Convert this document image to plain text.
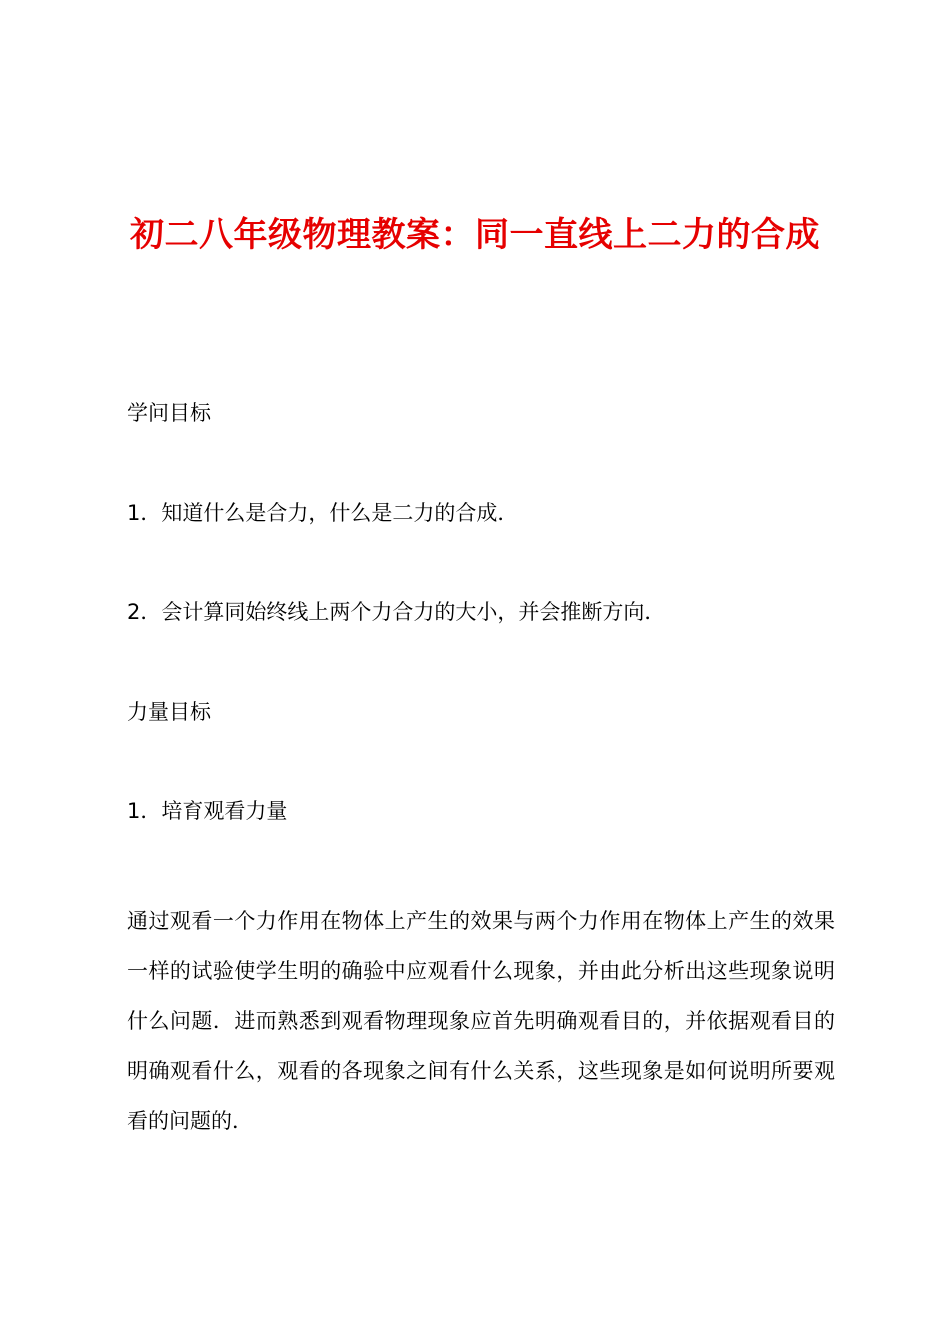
初二八年级物理教案：同一直线上二力的合成

学问目标

1．知道什么是合力，什么是二力的合成．

2．会计算同始终线上两个力合力的大小，并会推断方向．

力量目标

1．培育观看力量

通过观看一个力作用在物体上产生的效果与两个力作用在物体上产生的效果一样的试验使学生明的确验中应观看什么现象，并由此分析出这些现象说明什么问题．进而熟悉到观看物理现象应首先明确观看目的，并依据观看目的明确观看什么，观看的各现象之间有什么关系，这些现象是如何说明所要观看的问题的．
